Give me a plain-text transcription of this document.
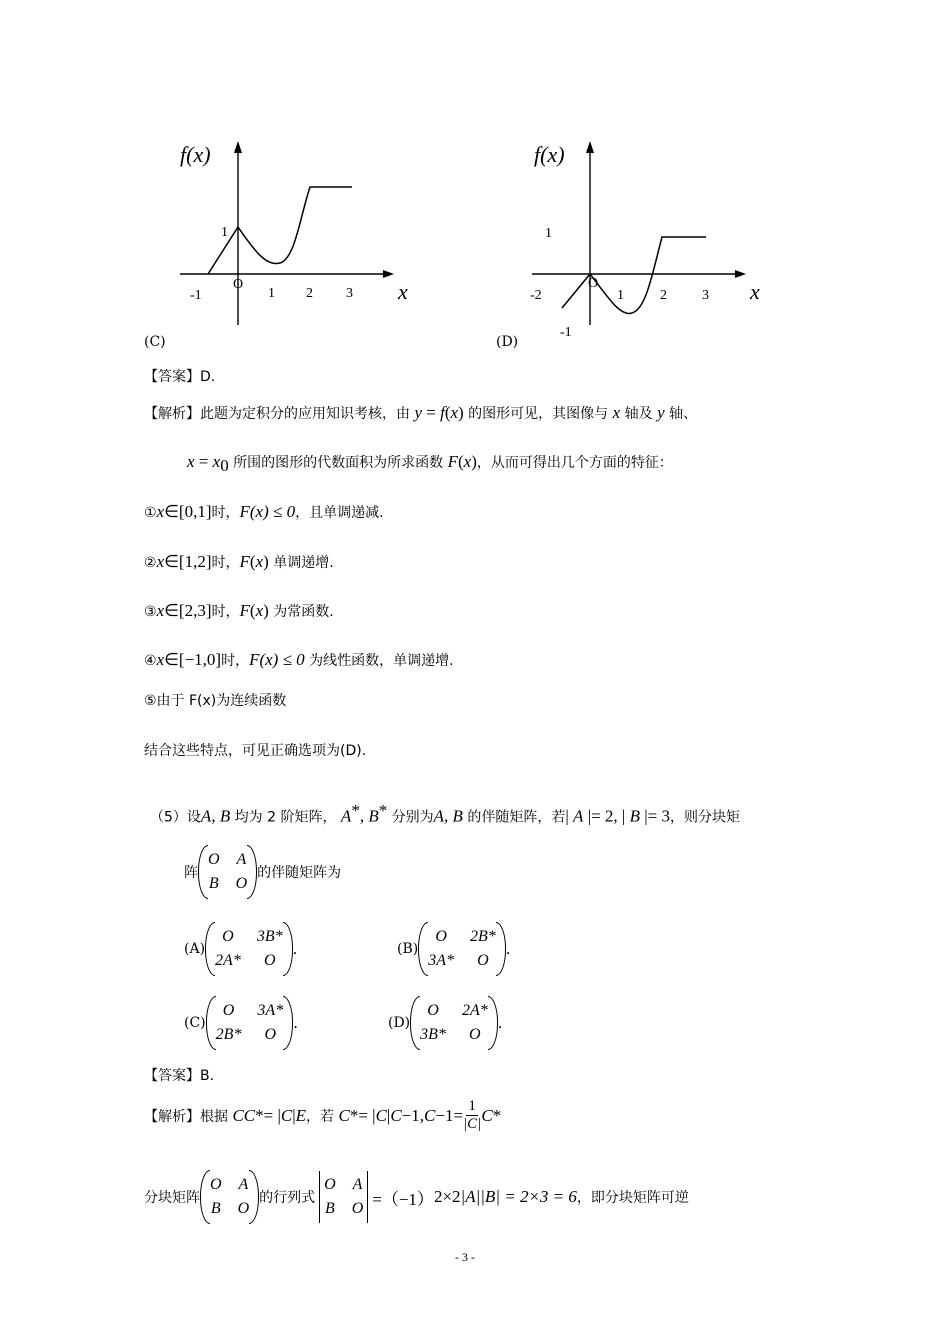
f(x)
x
O
1
-1	1 2 3
(C)
f(x)
x
O
1
-1
-2	1	2	3
(D)
【答案】D.
【解析】此题为定积分的应用知识考核，由 y = f(x) 的图形可见，其图像与 x 轴及 y 轴、
$x = x_0$ 所围的图形的代数面积为所求函数 F(x)，从而可得出几个方面的特征：
①x∈[0,1]时，F(x) ≤ 0，且单调递减.
②x∈[1,2]时，F(x) 单调递增.
③x∈[2,3]时，F(x) 为常函数.
④x∈[−1,0]时，F(x) ≤ 0 为线性函数，单调递增.
⑤由于 F(x)为连续函数
结合这些特点，可见正确选项为(D).
（5）设A, B 均为 2 阶矩阵， A*, B* 分别为A, B 的伴随矩阵，若| A |= 2, | B |= 3，则分块矩
阵
O A
B O
的伴随矩阵为
(A)
O	3B*
2A*	O
.	(B)
O	2B*
3A*	O
.
(C)
O	3A*
2B*	O
.	(D)
O	2A*
3B*	O
.
【答案】B.
【解析】 根据
CC * = | C | E ，若
C * = | C | C −1 , $C -1 = \frac{1}{|C|}$ C *
分块矩阵
O A
B O
的行列式
O A
B O =（−1） 2×2 |A||B| = 2×3 = 6 ，即分块矩阵可逆
- 3 -
